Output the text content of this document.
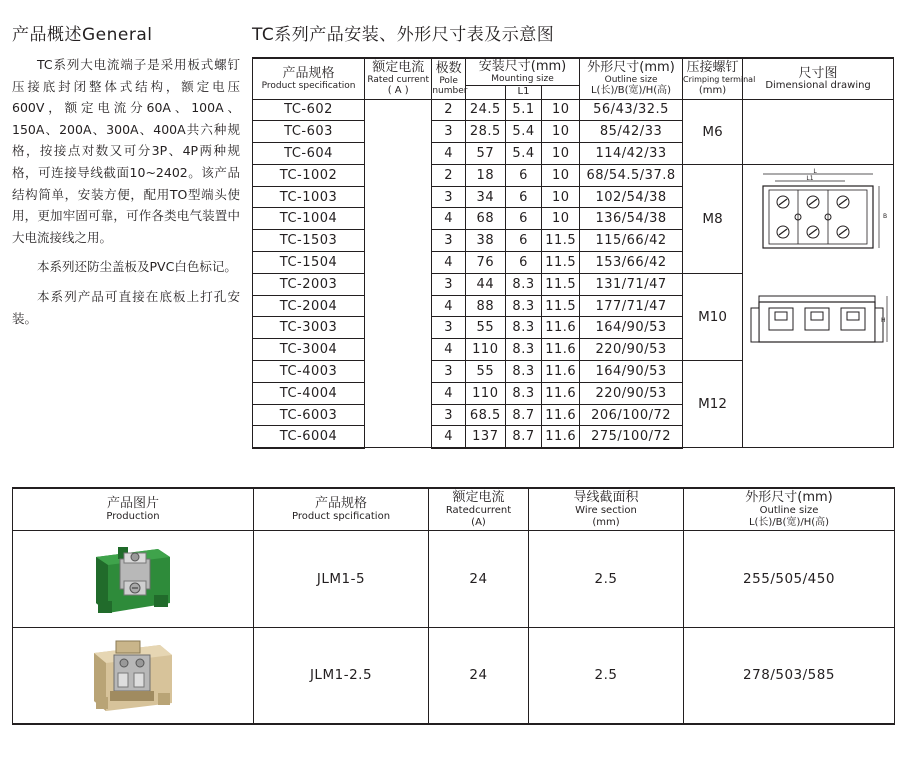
产品概述General

TC系列大电流端子是采用板式螺钉压接底封闭整体式结构，额定电压600V，额定电流分60A、100A、150A、200A、300A、400A共六种规格，按接点对数又可分3P、4P两种规格，可连接导线截面10~2402。该产品结构简单，安装方便，配用TO型端头使用，更加牢固可靠，可作各类电气装置中大电流接线之用。

本系列还防尘盖板及PVC白色标记。

本系列产品可直接在底板上打孔安装。

TC系列产品安装、外形尺寸表及示意图
产品规格
Product specification	额定电流
Rated current
( A )	极数
Pole
number	安装尺寸(mm)
Mounting size			外形尺寸(mm)
Outline size
L(长)/B(宽)/H(高)	压接螺钉
Crimping terminal
(mm)	尺寸图
Dimensional drawing

				L1				

TC-602		2	24.5	5.1	10	56/43/32.5	M6	
TC-603		3	28.5	5.4	10	85/42/33		
TC-604		4	57	5.4	10	114/42/33		
TC-1002		2	18	6	10	68/54.5/37.8	M8	L
L1
B
H

TC-1003		3	34	6	10	102/54/38		
TC-1004		4	68	6	10	136/54/38		
TC-1503		3	38	6	11.5	115/66/42		
TC-1504		4	76	6	11.5	153/66/42		
TC-2003		3	44	8.3	11.5	131/71/47	M10	
TC-2004		4	88	8.3	11.5	177/71/47		
TC-3003		3	55	8.3	11.6	164/90/53		
TC-3004		4	110	8.3	11.6	220/90/53		
TC-4003		3	55	8.3	11.6	164/90/53	M12	
TC-4004		4	110	8.3	11.6	220/90/53		
TC-6003		3	68.5	8.7	11.6	206/100/72		
TC-6004		4	137	8.7	11.6	275/100/72		
产品图片
Production	产品规格
Product spcification	额定电流
Ratedcurrent
(A)	导线截面积
Wire section
(mm)	外形尺寸(mm)
Outline size
L(长)/B(宽)/H(高)

	JLM1-5	24	2.5	255/505/450

	JLM1-2.5	24	2.5	278/503/585
